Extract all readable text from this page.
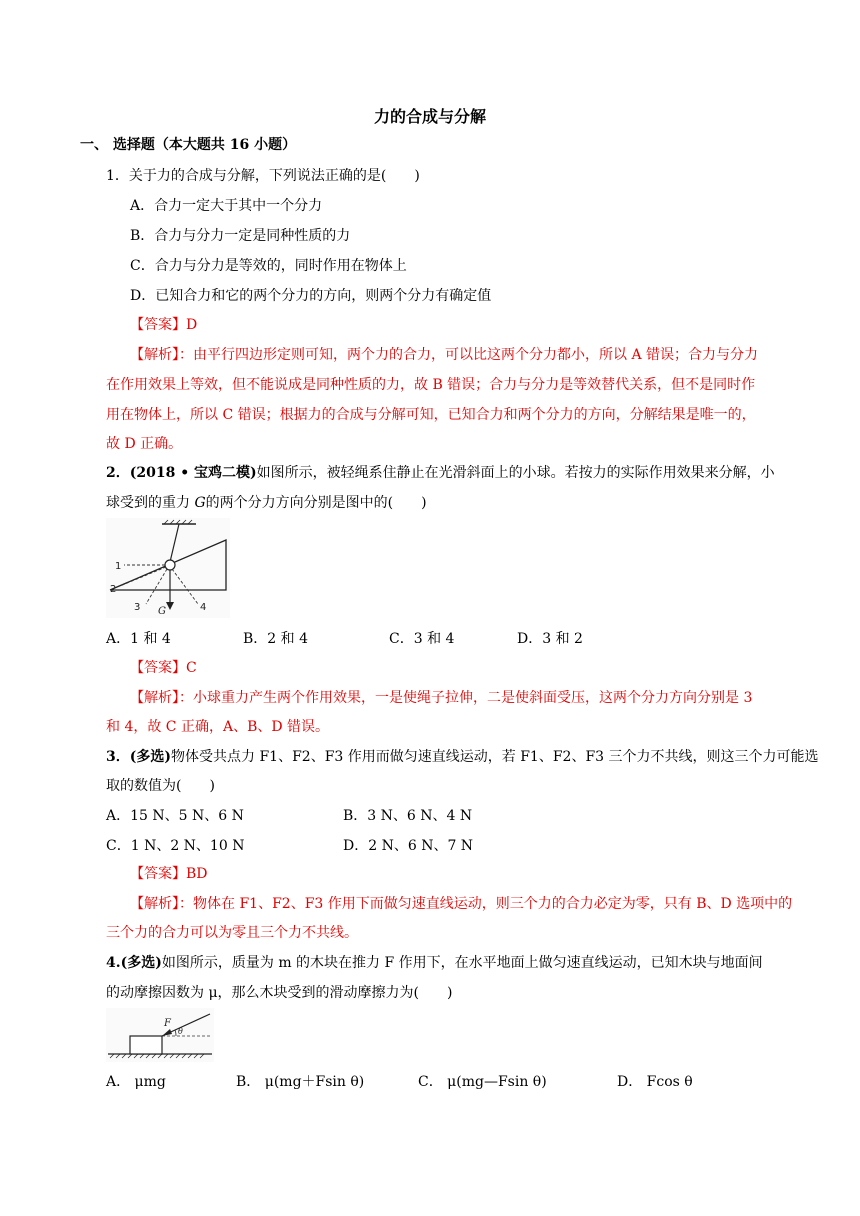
力的合成与分解
一、 选择题（本大题共 16 小题）
1．关于力的合成与分解，下列说法正确的是(　　)
A．合力一定大于其中一个分力
B．合力与分力一定是同种性质的力
C．合力与分力是等效的，同时作用在物体上
D．已知合力和它的两个分力的方向，则两个分力有确定值
【答案】D
【解析】：由平行四边形定则可知，两个力的合力，可以比这两个分力都小，所以 A 错误；合力与分力
在作用效果上等效，但不能说成是同种性质的力，故 B 错误；合力与分力是等效替代关系，但不是同时作
用在物体上，所以 C 错误；根据力的合成与分解可知，已知合力和两个分力的方向，分解结果是唯一的，
故 D 正确。
2．(2018 • 宝鸡二模)如图所示，被轻绳系住静止在光滑斜面上的小球。若按力的实际作用效果来分解，小
球受到的重力 G的两个分力方向分别是图中的(　　)
1
2
3 G	4
A．1 和 4	B．2 和 4	C．3 和 4	D．3 和 2
【答案】C
【解析】：小球重力产生两个作用效果，一是使绳子拉伸，二是使斜面受压，这两个分力方向分别是 3
和 4，故 C 正确，A、B、D 错误。
3．(多选)物体受共点力 F1、F2、F3 作用而做匀速直线运动，若 F1、F2、F3 三个力不共线，则这三个力可能选
取的数值为(　　)
A．15 N、5 N、6 N	B．3 N、6 N、4 N
C．1 N、2 N、10 N	D．2 N、6 N、7 N
【答案】BD
【解析】：物体在 F1、F2、F3 作用下而做匀速直线运动，则三个力的合力必定为零，只有 B、D 选项中的
三个力的合力可以为零且三个力不共线。
4.(多选)如图所示，质量为 m 的木块在推力 F 作用下，在水平地面上做匀速直线运动，已知木块与地面间
的动摩擦因数为 μ，那么木块受到的滑动摩擦力为(　　)
F
θ
A． μmg	B． μ(mg＋Fsin θ)	C． μ(mg—Fsin θ)	D． Fcos θ
